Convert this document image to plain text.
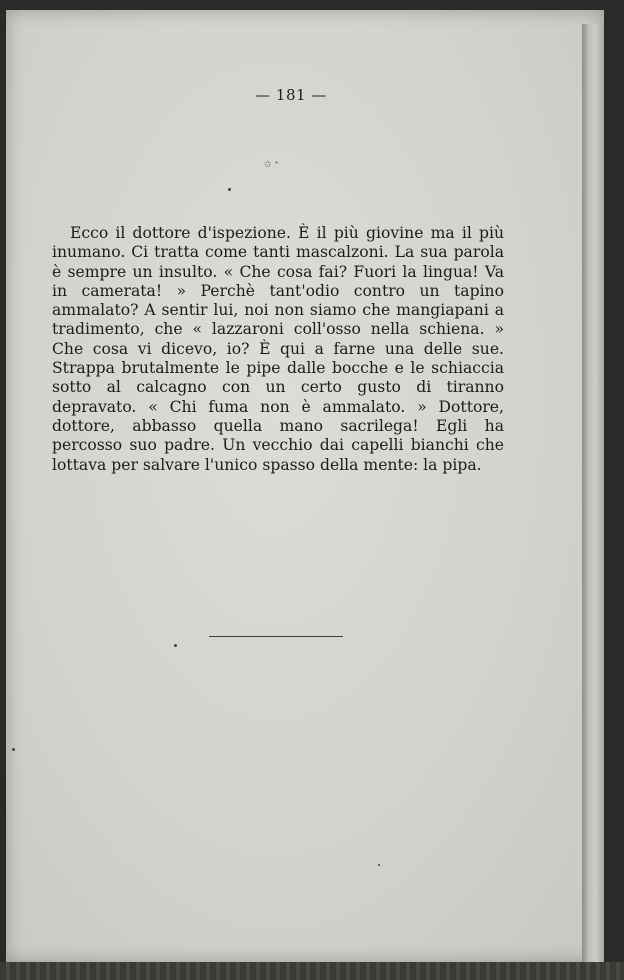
— 181 —
✩ ⁺

Ecco il dottore d'ispezione. È il più giovine ma il più inumano. Ci tratta come tanti mascalzoni. La sua parola è sempre un insulto. « Che cosa fai? Fuori la lingua! Va in camerata! » Perchè tant'odio contro un tapino ammalato? A sentir lui, noi non siamo che mangiapani a tradimento, che « lazzaroni coll'osso nella schiena. » Che cosa vi dicevo, io? È qui a farne una delle sue. Strappa brutalmente le pipe dalle bocche e le schiaccia sotto al calcagno con un certo gusto di tiranno depravato. « Chi fuma non è ammalato. » Dottore, dottore, abbasso quella mano sacrilega! Egli ha percosso suo padre. Un vecchio dai capelli bianchi che lottava per salvare l'unico spasso della mente: la pipa.
